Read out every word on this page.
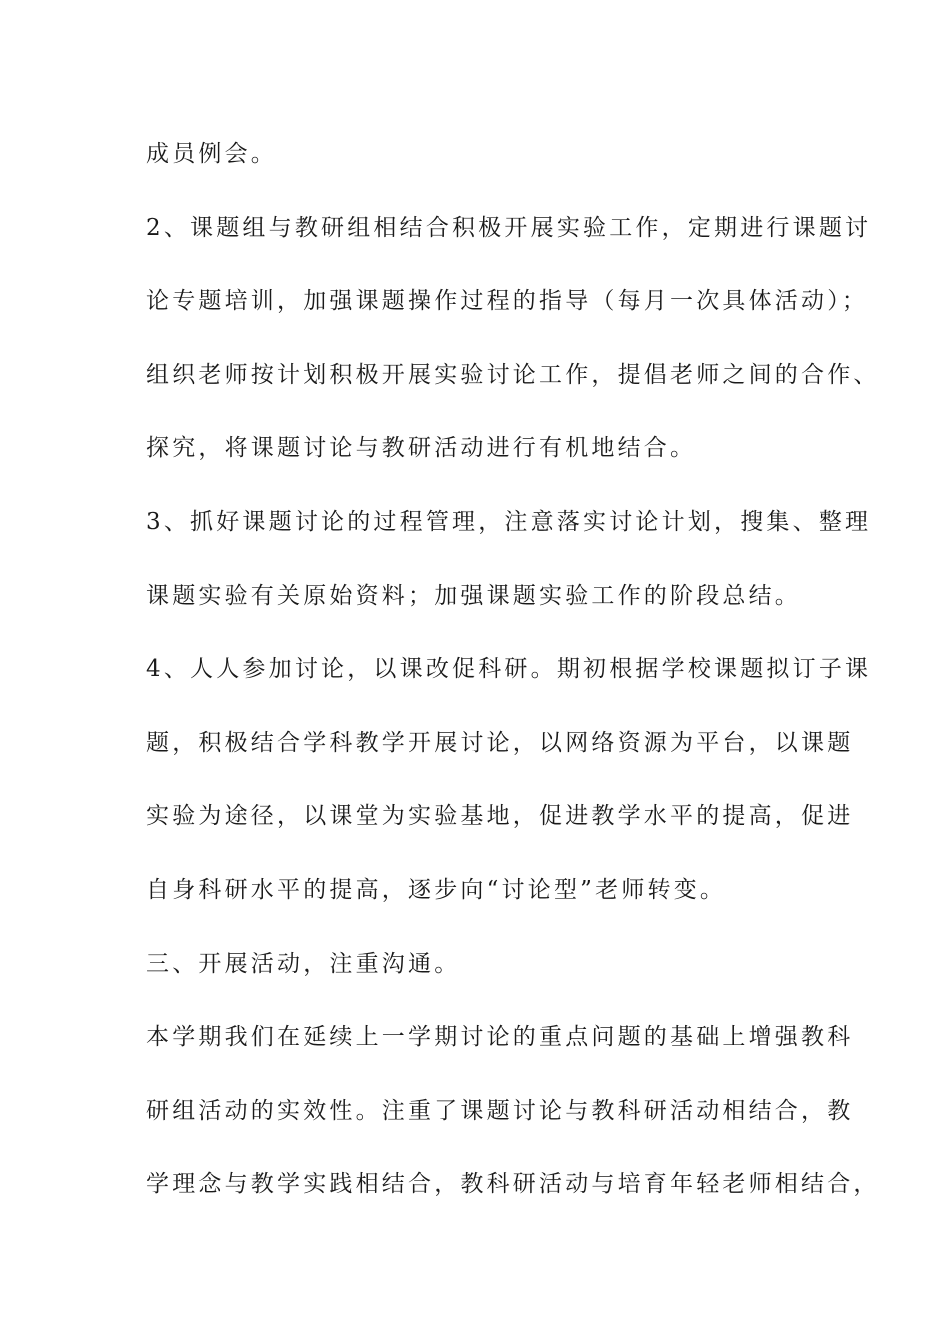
成员例会。
2、课题组与教研组相结合积极开展实验工作，定期进行课题讨
论专题培训，加强课题操作过程的指导（每月一次具体活动）；
组织老师按计划积极开展实验讨论工作，提倡老师之间的合作、
探究，将课题讨论与教研活动进行有机地结合。
3、抓好课题讨论的过程管理，注意落实讨论计划，搜集、整理
课题实验有关原始资料；加强课题实验工作的阶段总结。
4、人人参加讨论，以课改促科研。期初根据学校课题拟订子课
题，积极结合学科教学开展讨论，以网络资源为平台，以课题
实验为途径，以课堂为实验基地，促进教学水平的提高，促进
自身科研水平的提高，逐步向“讨论型”老师转变。
三、开展活动，注重沟通。
本学期我们在延续上一学期讨论的重点问题的基础上增强教科
研组活动的实效性。注重了课题讨论与教科研活动相结合，教
学理念与教学实践相结合，教科研活动与培育年轻老师相结合，
